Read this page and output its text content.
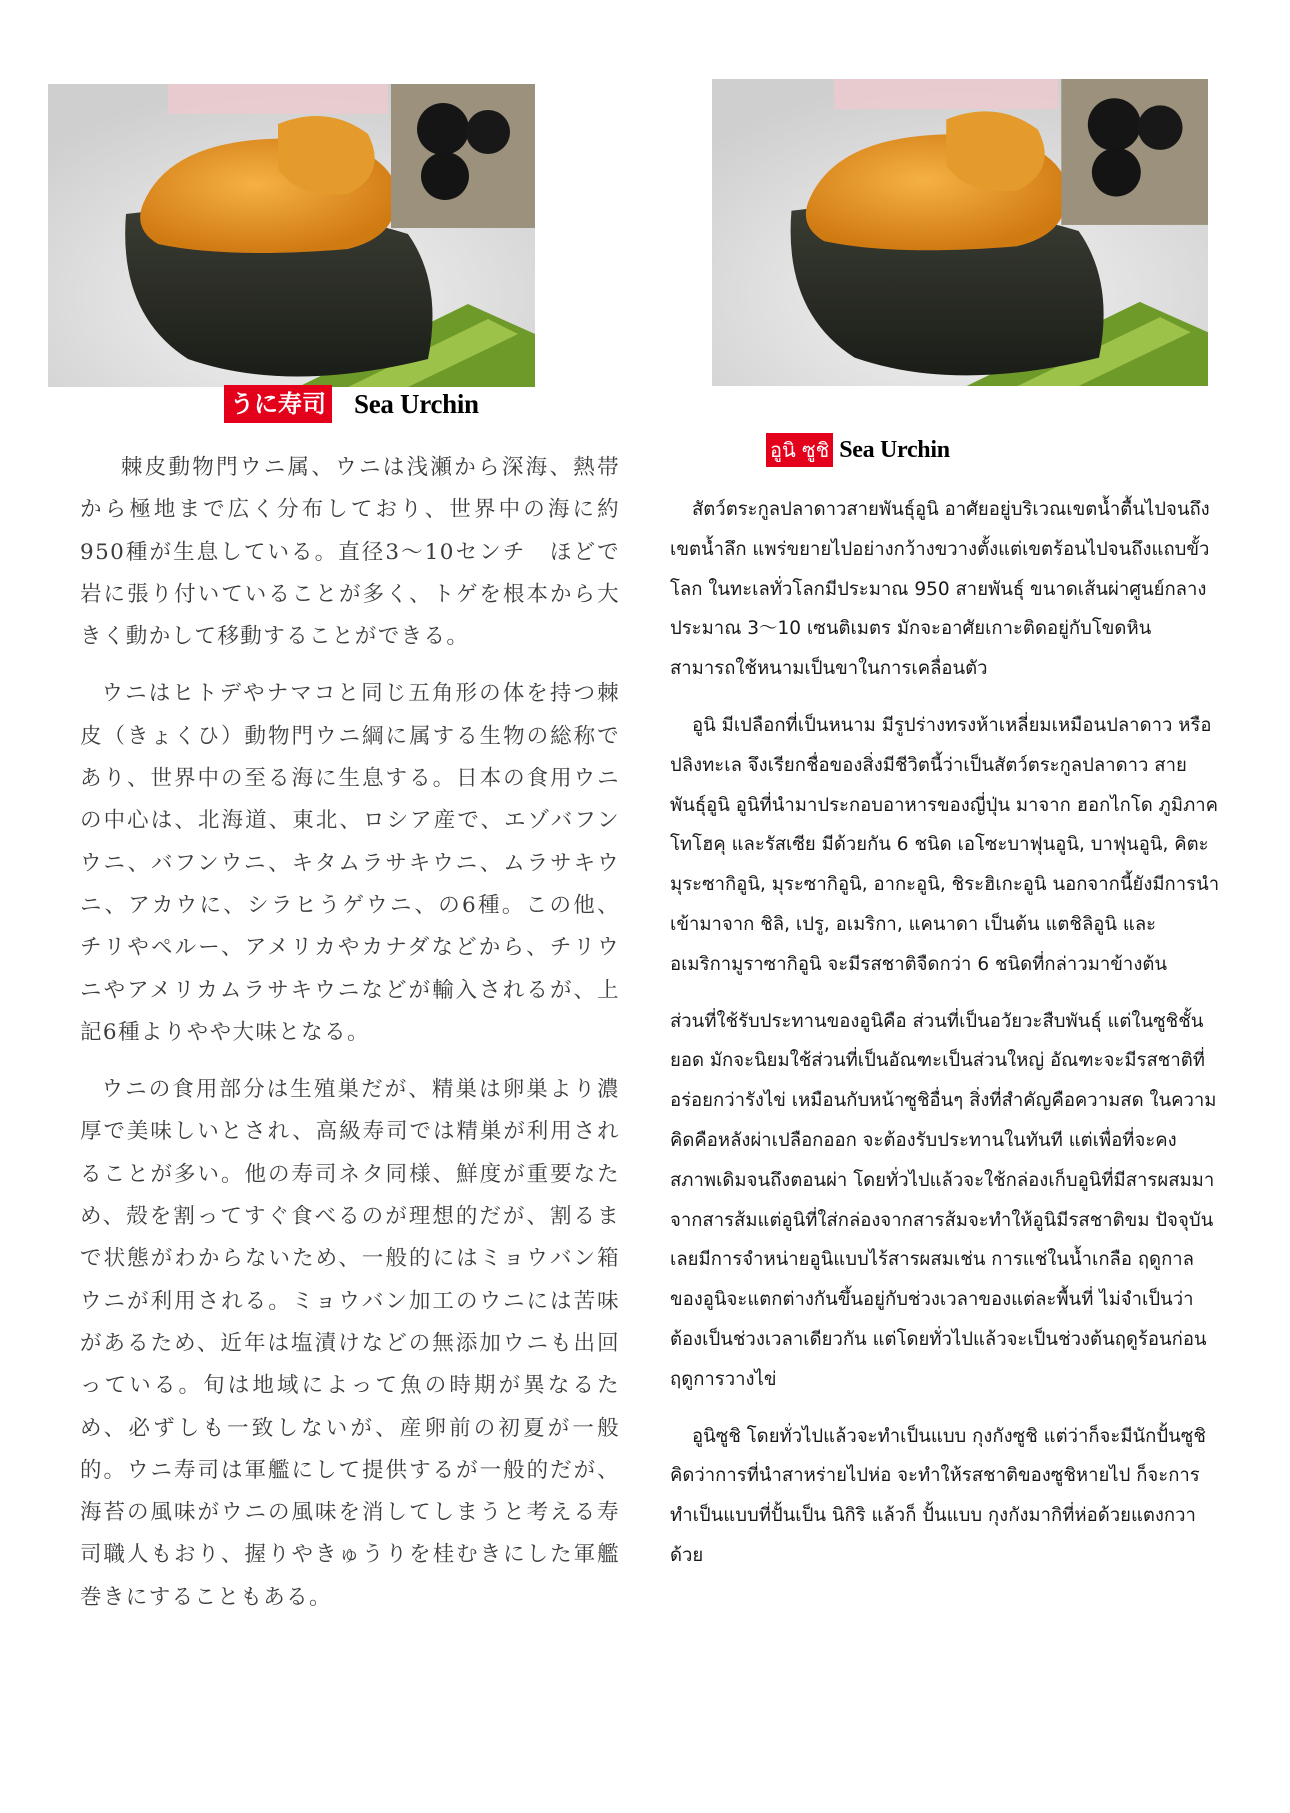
うに寿司 Sea Urchin

棘皮動物門ウニ属、ウニは浅瀬から深海、熱帯から極地まで広く分布しており、世界中の海に約950種が生息している。直径3〜10センチ　ほどで岩に張り付いていることが多く、トゲを根本から大きく動かして移動することができる。

ウニはヒトデやナマコと同じ五角形の体を持つ棘皮（きょくひ）動物門ウニ綱に属する生物の総称であり、世界中の至る海に生息する。日本の食用ウニの中心は、北海道、東北、ロシア産で、エゾバフンウニ、バフンウニ、キタムラサキウニ、ムラサキウニ、アカウに、シラヒうゲウニ、の6種。この他、チリやペルー、アメリカやカナダなどから、チリウニやアメリカムラサキウニなどが輸入されるが、上記6種よりやや大味となる。

ウニの食用部分は生殖巣だが、精巣は卵巣より濃厚で美味しいとされ、高級寿司では精巣が利用されることが多い。他の寿司ネタ同様、鮮度が重要なため、殻を割ってすぐ食べるのが理想的だが、割るまで状態がわからないため、一般的にはミョウバン箱ウニが利用される。ミョウバン加工のウニには苦味があるため、近年は塩漬けなどの無添加ウニも出回っている。旬は地域によって魚の時期が異なるため、必ずしも一致しないが、産卵前の初夏が一般的。ウニ寿司は軍艦にして提供するが一般的だが、海苔の風味がウニの風味を消してしまうと考える寿司職人もおり、握りやきゅうりを桂むきにした軍艦巻きにすることもある。

อูนิ ซูชิ Sea Urchin

สัตว์ตระกูลปลาดาวสายพันธุ์อูนิ อาศัยอยู่บริเวณเขตน้ำตื้นไปจนถึงเขตน้ำลึก แพร่ขยายไปอย่างกว้างขวางตั้งแต่เขตร้อนไปจนถึงแถบขั้วโลก ในทะเลทั่วโลกมีประมาณ 950 สายพันธุ์ ขนาดเส้นผ่าศูนย์กลางประมาณ 3〜10 เซนติเมตร มักจะอาศัยเกาะติดอยู่กับโขดหิน สามารถใช้หนามเป็นขาในการเคลื่อนตัว

อูนิ มีเปลือกที่เป็นหนาม มีรูปร่างทรงห้าเหลี่ยมเหมือนปลาดาว หรือ ปลิงทะเล จึงเรียกชื่อของสิ่งมีชีวิตนี้ว่าเป็นสัตว์ตระกูลปลาดาว สายพันธุ์อูนิ อูนิที่นำมาประกอบอาหารของญี่ปุ่น มาจาก ฮอกไกโด ภูมิภาคโทโฮคุ และรัสเซีย มีด้วยกัน 6 ชนิด เอโซะบาฟุนอูนิ, บาฟุนอูนิ, คิตะมุระซากิอูนิ, มุระซากิอูนิ, อากะอูนิ, ชิระฮิเกะอูนิ นอกจากนี้ยังมีการนำเข้ามาจาก ชิลิ, เปรู, อเมริกา, แคนาดา เป็นต้น แตชิลิอูนิ และ อเมริกามูราซากิอูนิ จะมีรสชาติจืดกว่า 6 ชนิดที่กล่าวมาข้างต้น

ส่วนที่ใช้รับประทานของอูนิคือ ส่วนที่เป็นอวัยวะสืบพันธุ์ แต่ในซูชิชั้นยอด มักจะนิยมใช้ส่วนที่เป็นอัณฑะเป็นส่วนใหญ่ อัณฑะจะมีรสชาติที่อร่อยกว่ารังไข่ เหมือนกับหน้าซูชิอื่นๆ สิ่งที่สำคัญคือความสด ในความคิดคือหลังผ่าเปลือกออก จะต้องรับประทานในทันที แต่เพื่อที่จะคงสภาพเดิมจนถึงตอนผ่า โดยทั่วไปแล้วจะใช้กล่องเก็บอูนิที่มีสารผสมมาจากสารส้มแต่อูนิที่ใส่กล่องจากสารส้มจะทำให้อูนิมีรสชาติขม ปัจจุบันเลยมีการจำหน่ายอูนิแบบไร้สารผสมเช่น การแช่ในน้ำเกลือ ฤดูกาลของอูนิจะแตกต่างกันขึ้นอยู่กับช่วงเวลาของแต่ละพื้นที่ ไม่จำเป็นว่าต้องเป็นช่วงเวลาเดียวกัน แต่โดยทั่วไปแล้วจะเป็นช่วงต้นฤดูร้อนก่อนฤดูการวางไข่

อูนิซูชิ โดยทั่วไปแล้วจะทำเป็นแบบ กุงกังซูชิ แต่ว่าก็จะมีนักปั้นซูชิคิดว่าการที่นำสาหร่ายไปห่อ จะทำให้รสชาติของซูชิหายไป ก็จะการทำเป็นแบบที่ปั้นเป็น นิกิริ แล้วก็ ปั้นแบบ กุงกังมากิที่ห่อด้วยแตงกวาด้วย
